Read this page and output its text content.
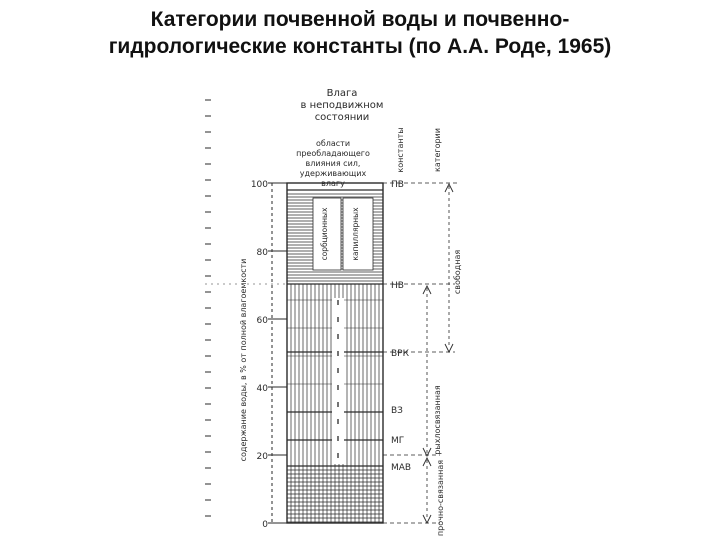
Категории почвенной воды и почвенно-
гидрологические константы (по А.А. Роде, 1965)
Влага
в неподвижном
состоянии
области
преобладающего
влияния сил,
удерживающих
влагу
константы	категории
сорбционных	капиллярных
100
80
60
40
20
0
содержание воды, в % от полной влагоемкости
ПВ
НВ
ВРК
ВЗ
МГ
МАВ
свободная
рыхлосвязанная
прочно-связанная
